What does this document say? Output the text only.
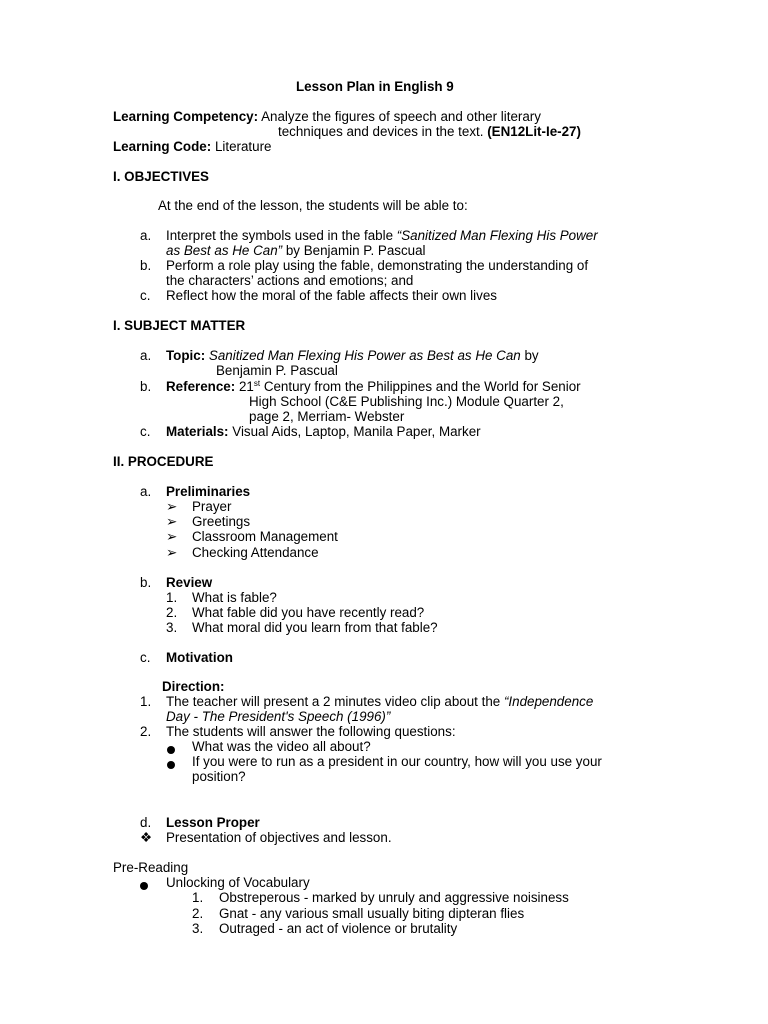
Lesson Plan in English 9
Learning Competency: Analyze the figures of speech and other literary
techniques and devices in the text. (EN12Lit-Ie-27)
Learning Code: Literature
I. OBJECTIVES
At the end of the lesson, the students will be able to:
a. Interpret the symbols used in the fable “Sanitized Man Flexing His Power
as Best as He Can” by Benjamin P. Pascual
b. Perform a role play using the fable, demonstrating the understanding of
the characters’ actions and emotions; and
c. Reflect how the moral of the fable affects their own lives
I. SUBJECT MATTER
a. Topic: Sanitized Man Flexing His Power as Best as He Can by
Benjamin P. Pascual
b. Reference: 21st Century from the Philippines and the World for Senior
High School (C&E Publishing Inc.) Module Quarter 2,
page 2, Merriam- Webster
c. Materials: Visual Aids, Laptop, Manila Paper, Marker
II. PROCEDURE
a. Preliminaries
➢ Prayer
➢ Greetings
➢ Classroom Management
➢ Checking Attendance
b. Review
1. What is fable?
2. What fable did you have recently read?
3. What moral did you learn from that fable?
c. Motivation
Direction:
1. The teacher will present a 2 minutes video clip about the “Independence
Day - The President's Speech (1996)”
2. The students will answer the following questions:
What was the video all about?
If you were to run as a president in our country, how will you use your
position?
d. Lesson Proper
❖ Presentation of objectives and lesson.
Pre-Reading
Unlocking of Vocabulary
1. Obstreperous - marked by unruly and aggressive noisiness
2. Gnat - any various small usually biting dipteran flies
3. Outraged - an act of violence or brutality
